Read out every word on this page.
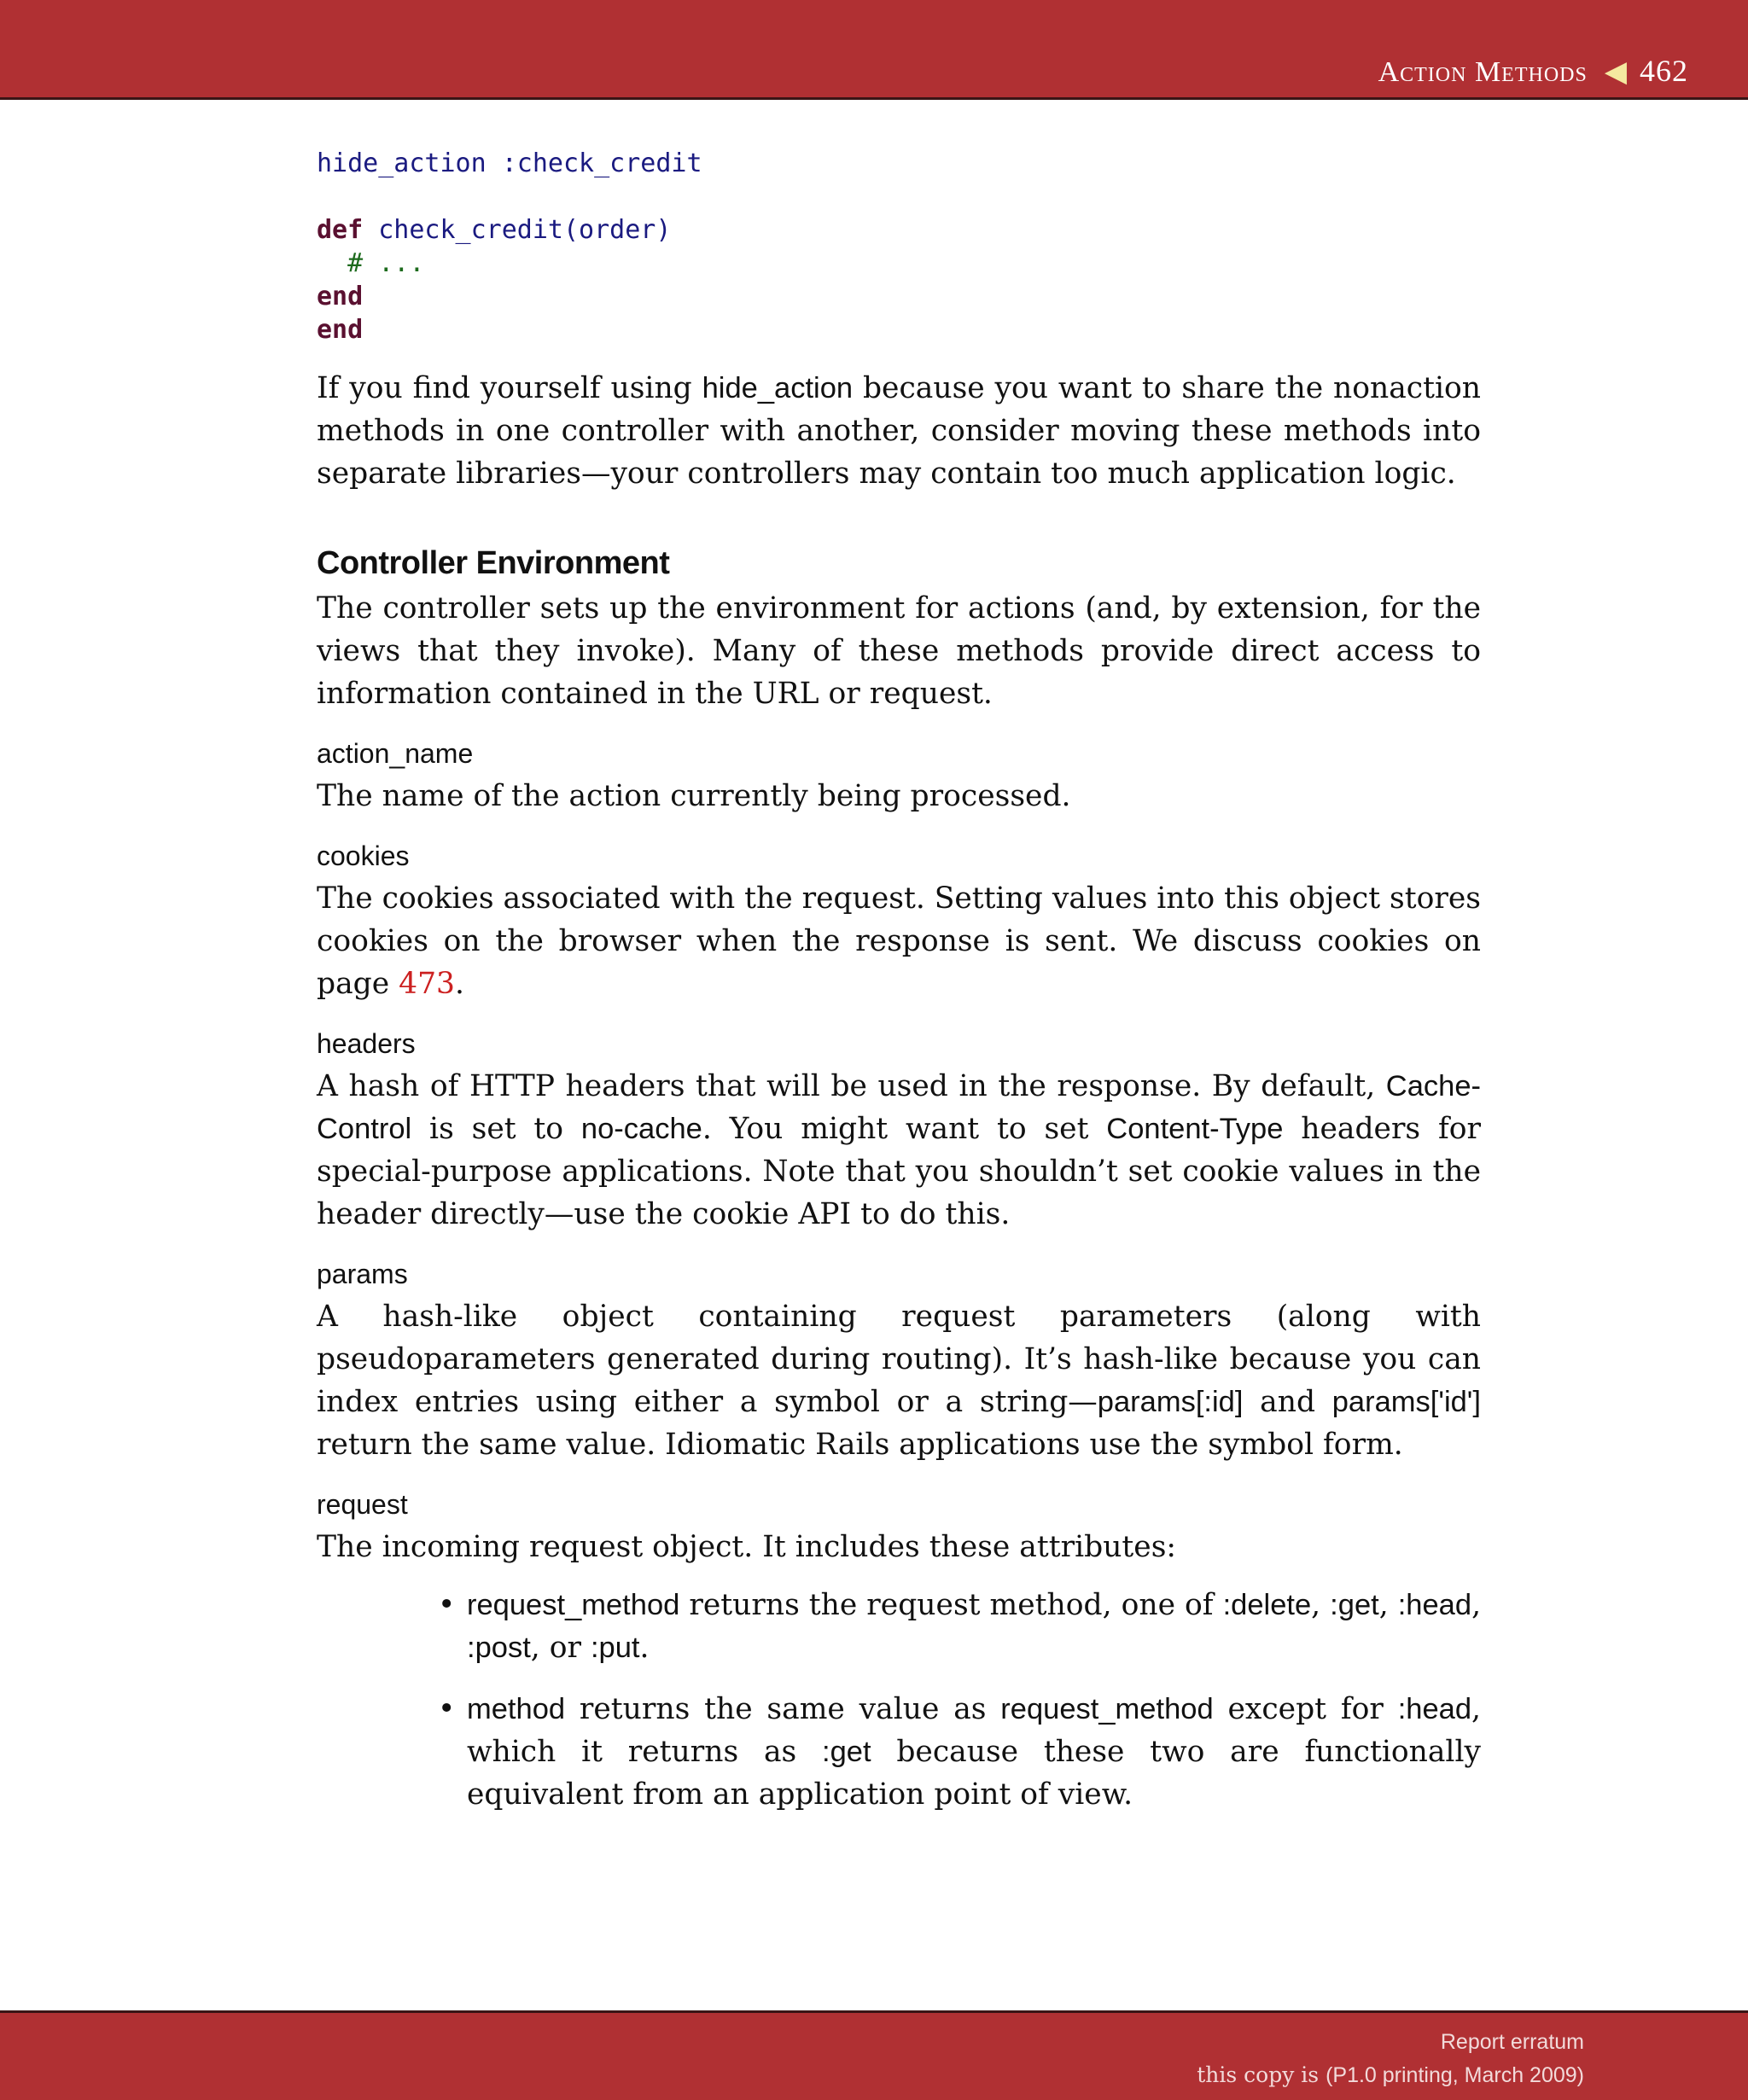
Action Methods ◀ 462
hide_action :check_credit

def check_credit(order)
# ...
end
end

If you find yourself using hide_action because you want to share the nonaction methods in one controller with another, consider moving these methods into separate libraries—your controllers may contain too much application logic.

Controller Environment

The controller sets up the environment for actions (and, by extension, for the views that they invoke). Many of these methods provide direct access to information contained in the URL or request.

action_name

The name of the action currently being processed.

cookies

The cookies associated with the request. Setting values into this object stores cookies on the browser when the response is sent. We discuss cookies on page 473.

headers

A hash of HTTP headers that will be used in the response. By default, Cache-Control is set to no-cache. You might want to set Content-Type headers for special-purpose applications. Note that you shouldn’t set cookie values in the header directly—use the cookie API to do this.

params

A hash-like object containing request parameters (along with pseudoparameters generated during routing). It’s hash-like because you can index entries using either a symbol or a string—params[:id] and params['id'] return the same value. Idiomatic Rails applications use the symbol form.

request

The incoming request object. It includes these attributes:

• request_method returns the request method, one of :delete, :get, :head, :post, or :put.
• method returns the same value as request_method except for :head, which it returns as :get because these two are functionally equivalent from an application point of view.
Report erratum
this copy is (P1.0 printing, March 2009)
